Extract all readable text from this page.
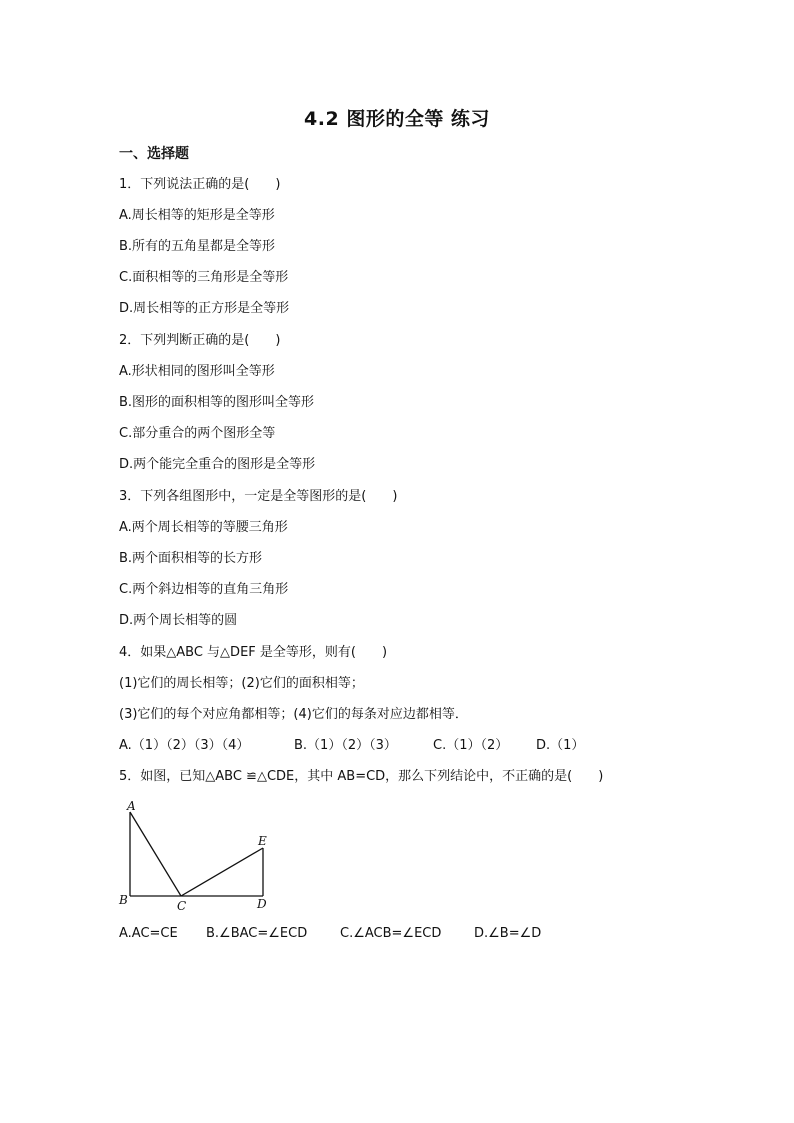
4.2 图形的全等 练习
一、选择题
1．下列说法正确的是(　　)
A.周长相等的矩形是全等形
B.所有的五角星都是全等形
C.面积相等的三角形是全等形
D.周长相等的正方形是全等形
2．下列判断正确的是(　　)
A.形状相同的图形叫全等形
B.图形的面积相等的图形叫全等形
C.部分重合的两个图形全等
D.两个能完全重合的图形是全等形
3．下列各组图形中，一定是全等图形的是(　　)
A.两个周长相等的等腰三角形
B.两个面积相等的长方形
C.两个斜边相等的直角三角形
D.两个周长相等的圆
4．如果△ABC 与△DEF 是全等形，则有(　　)
(1)它们的周长相等；(2)它们的面积相等；
(3)它们的每个对应角都相等；(4)它们的每条对应边都相等．
A.（1）（2）（3）（4）	B.（1）（2）（3）	C.（1）（2） D.（1）
5．如图，已知△ABC ≌△CDE，其中 AB=CD，那么下列结论中，不正确的是(　　)
A
B	C	D
E
A.AC=CE B.∠BAC=∠ECD	C.∠ACB=∠ECD	D.∠B=∠D
